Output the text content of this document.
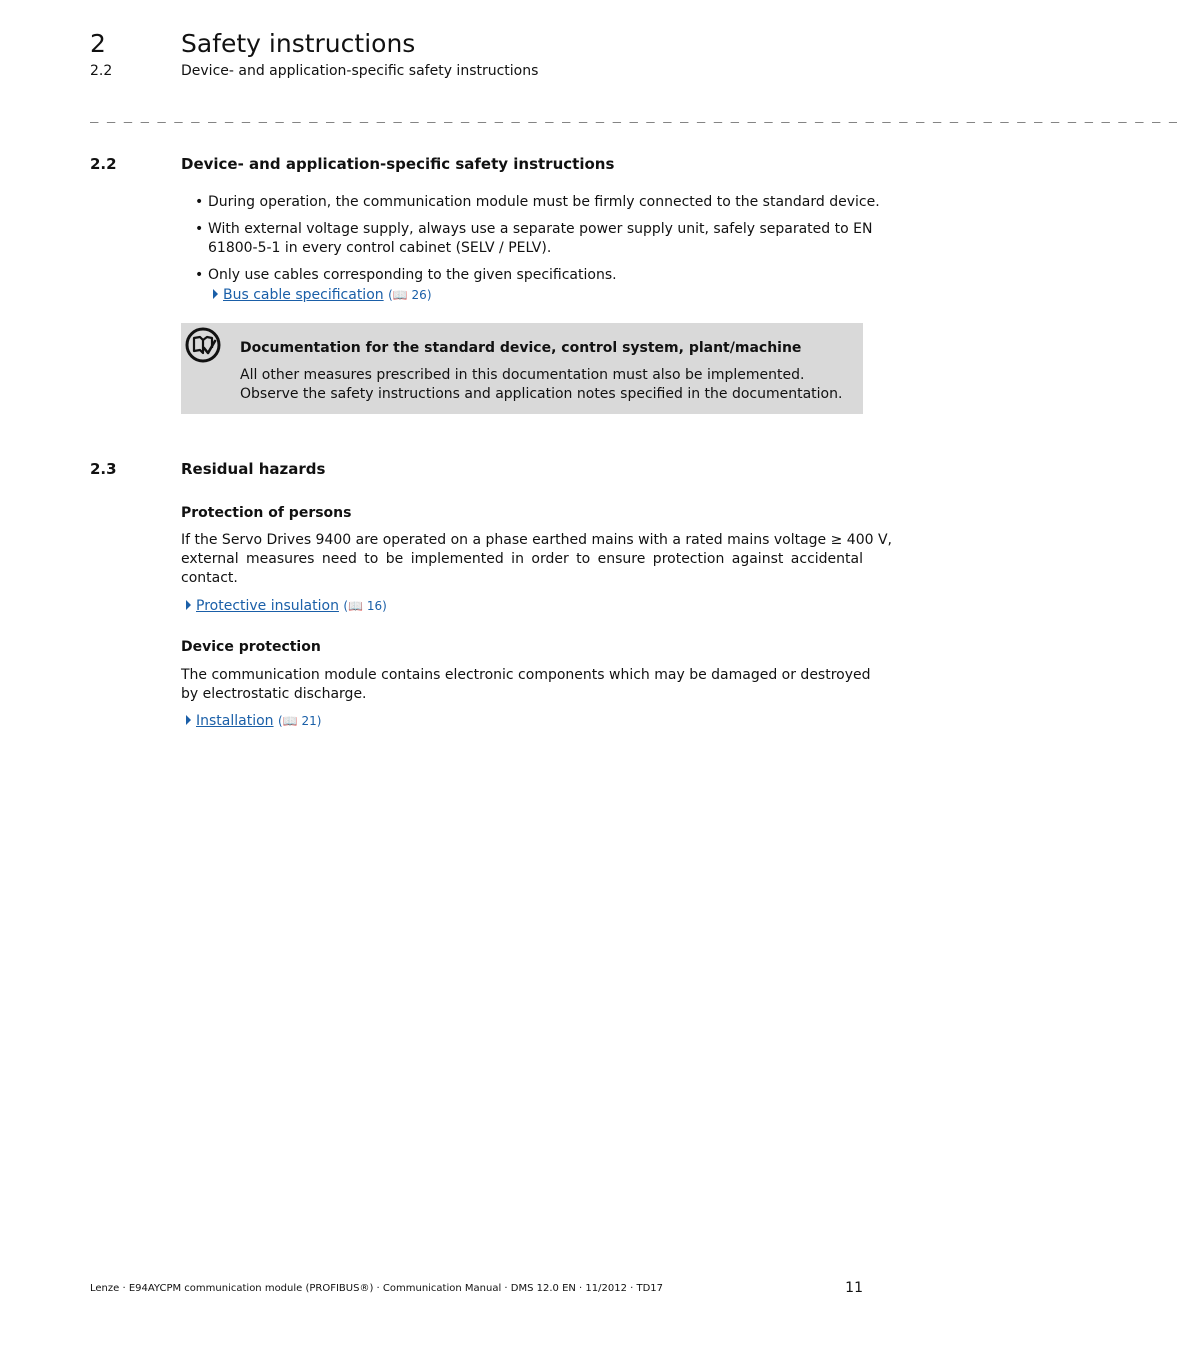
2	Safety instructions
2.2	Device- and application-specific safety instructions
_ _ _ _ _ _ _ _ _ _ _ _ _ _ _ _ _ _ _ _ _ _ _ _ _ _ _ _ _ _ _ _ _ _ _ _ _ _ _ _ _ _ _ _ _ _ _ _ _ _ _ _ _ _ _ _ _ _ _ _ _ _ _ _ _
2.2	Device- and application-specific safety instructions
• During operation, the communication module must be firmly connected to the standard device.
• With external voltage supply, always use a separate power supply unit, safely separated to EN
61800-5-1 in every control cabinet (SELV / PELV).
• Only use cables corresponding to the given specifications.
Bus cable specification (📖 26)
Documentation for the standard device, control system, plant/machine
All other measures prescribed in this documentation must also be implemented.
Observe the safety instructions and application notes specified in the documentation.
2.3	Residual hazards
Protection of persons
If the Servo Drives 9400 are operated on a phase earthed mains with a rated mains voltage ≥ 400 V,
external measures need to be implemented in order to ensure protection against accidental
contact.
Protective insulation (📖 16)
Device protection
The communication module contains electronic components which may be damaged or destroyed
by electrostatic discharge.
Installation (📖 21)
Lenze · E94AYCPM communication module (PROFIBUS®) · Communication Manual · DMS 12.0 EN · 11/2012 · TD17	11
